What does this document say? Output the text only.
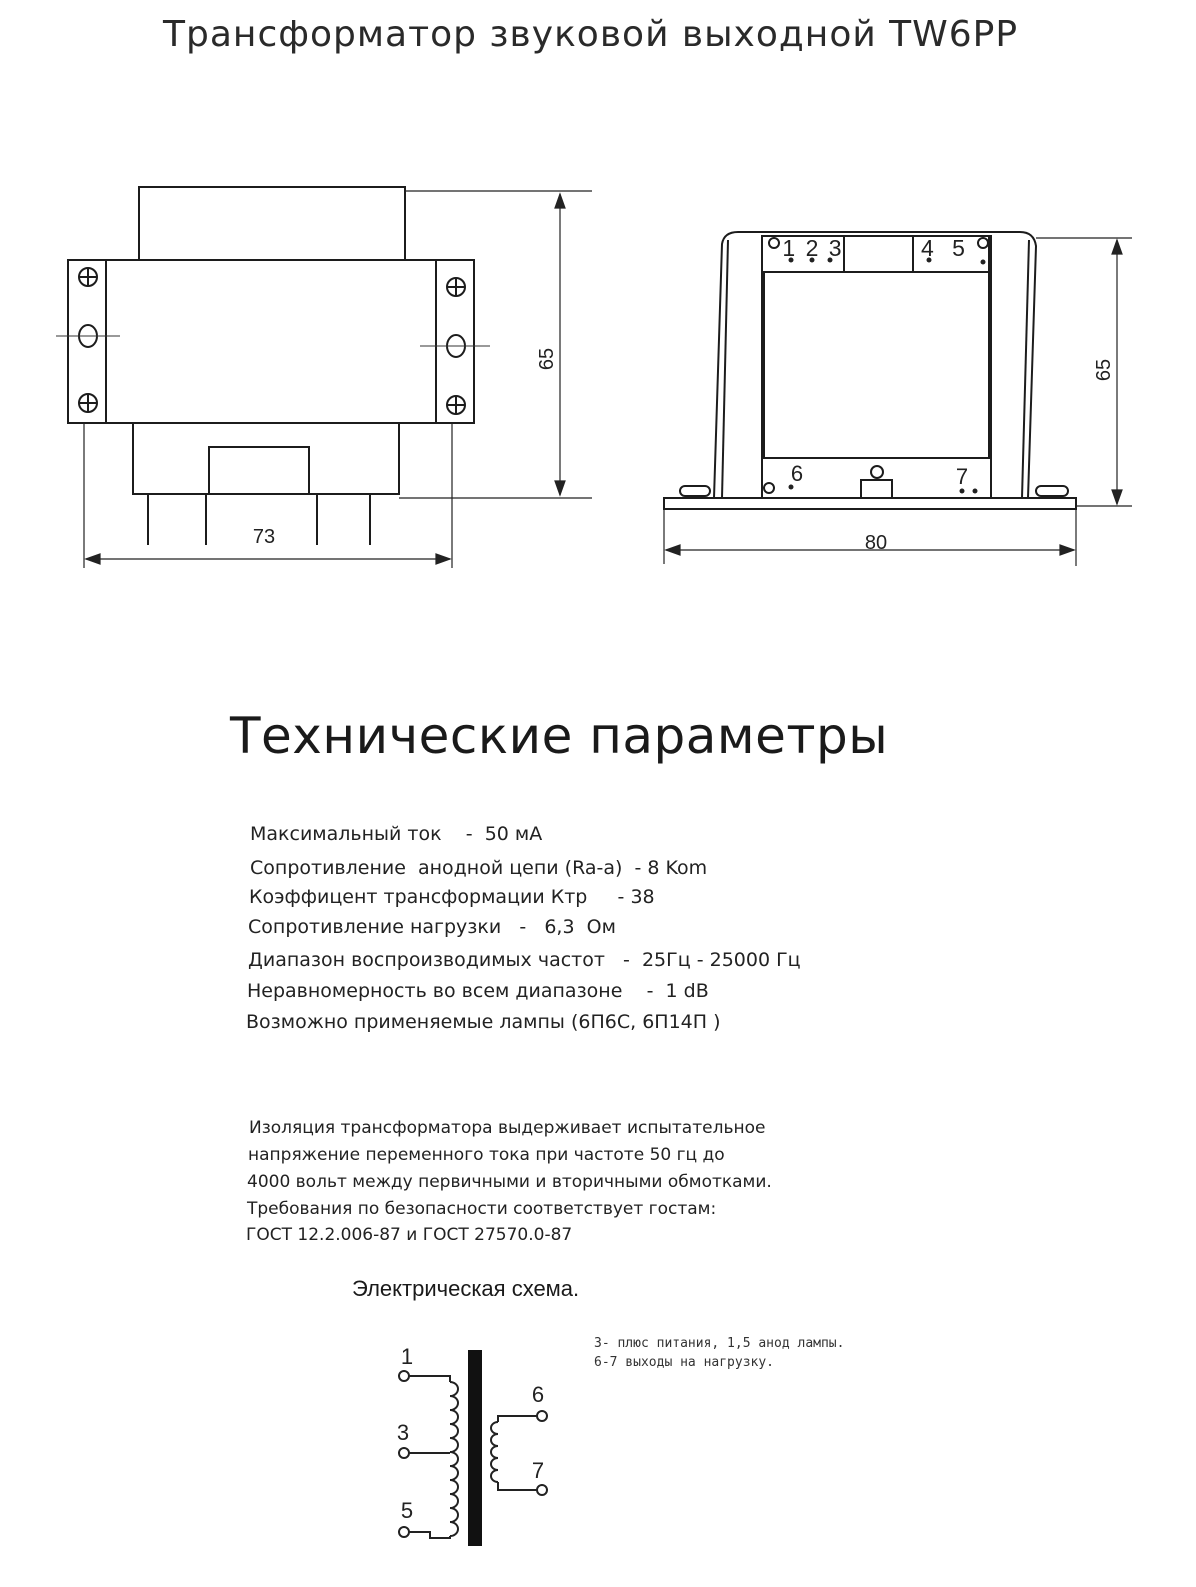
Трансформатор звуковой выходной TW6PP
73
65
1 2 3	4 5
6	7
80
65
Технические параметры
Максимальный ток    -  50 мА
Сопротивление  анодной цепи (Ra-a)  - 8 Kom
Коэффицент трансформации Ктр     - 38
Сопротивление нагрузки   -   6,3  Ом
Диапазон воспроизводимых частот   -  25Гц - 25000 Гц
Неравномерность во всем диапазоне    -  1 dB
Возможно применяемые лампы (6П6С, 6П14П )
Изоляция трансформатора выдерживает испытательное
напряжение переменного тока при частоте 50 гц до
4000 вольт между первичными и вторичными обмотками.
Требования по безопасности соответствует гостам:
ГОСТ 12.2.006-87 и ГОСТ 27570.0-87
Электрическая схема.
3- плюс питания, 1,5 анод лампы.
6-7 выходы на нагрузку.
1
3
5
6
7
